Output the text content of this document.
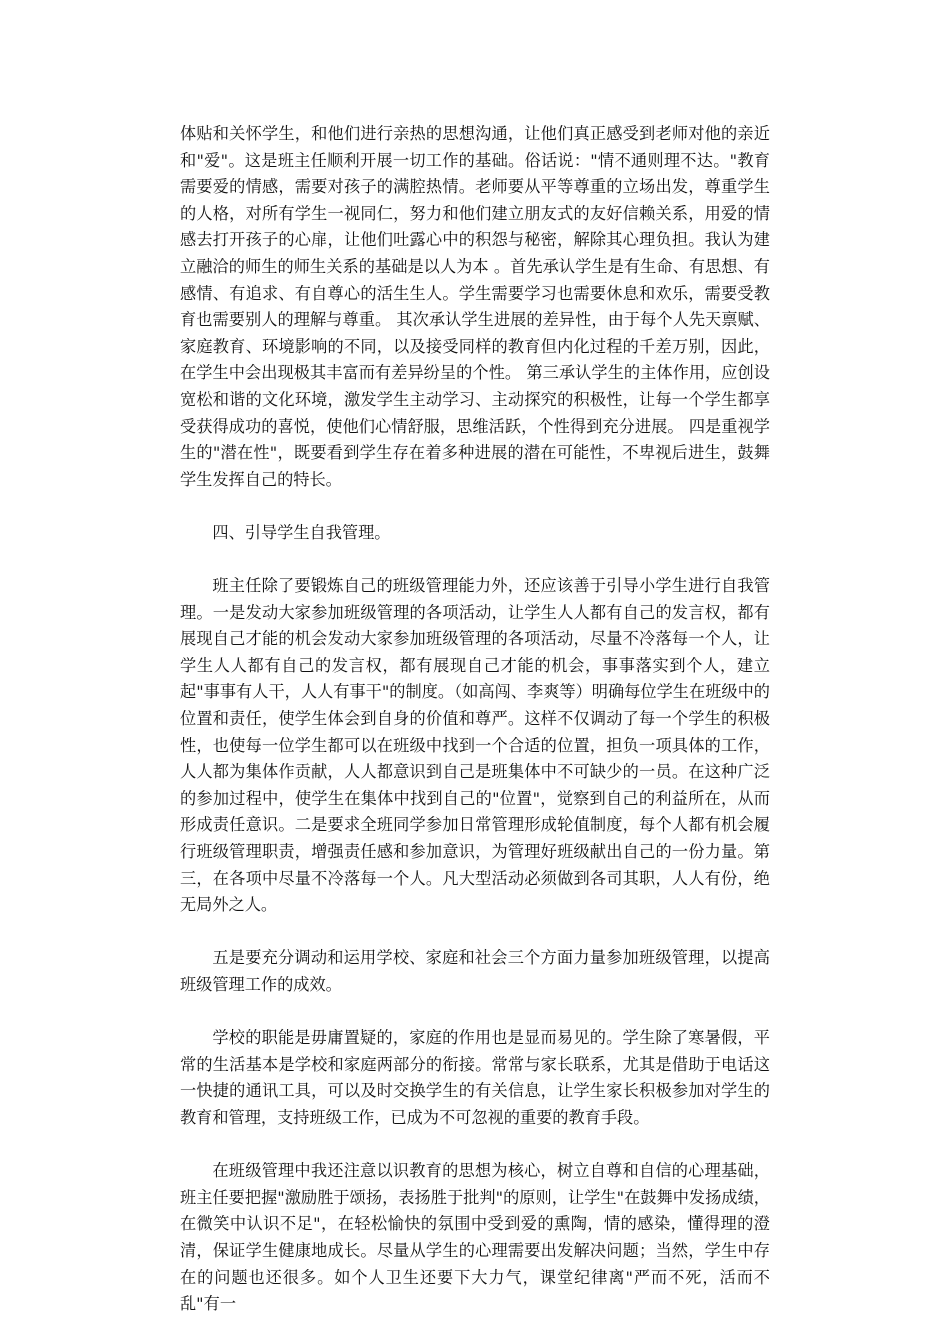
体贴和关怀学生，和他们进行亲热的思想沟通，让他们真正感受到老师对他的亲近和"爱"。这是班主任顺利开展一切工作的基础。俗话说："情不通则理不达。"教育需要爱的情感，需要对孩子的满腔热情。老师要从平等尊重的立场出发，尊重学生的人格，对所有学生一视同仁，努力和他们建立朋友式的友好信赖关系，用爱的情感去打开孩子的心扉，让他们吐露心中的积怨与秘密，解除其心理负担。我认为建立融洽的师生的师生关系的基础是以人为本 。首先承认学生是有生命、有思想、有感情、有追求、有自尊心的活生生人。学生需要学习也需要休息和欢乐，需要受教育也需要别人的理解与尊重。 其次承认学生进展的差异性，由于每个人先天禀赋、家庭教育、环境影响的不同，以及接受同样的教育但内化过程的千差万别，因此，在学生中会出现极其丰富而有差异纷呈的个性。 第三承认学生的主体作用，应创设宽松和谐的文化环境，激发学生主动学习、主动探究的积极性，让每一个学生都享受获得成功的喜悦，使他们心情舒服，思维活跃，个性得到充分进展。 四是重视学生的"潜在性"，既要看到学生存在着多种进展的潜在可能性，不卑视后进生，鼓舞学生发挥自己的特长。

四、引导学生自我管理。

班主任除了要锻炼自己的班级管理能力外，还应该善于引导小学生进行自我管理。一是发动大家参加班级管理的各项活动，让学生人人都有自己的发言权，都有展现自己才能的机会发动大家参加班级管理的各项活动，尽量不冷落每一个人，让学生人人都有自己的发言权，都有展现自己才能的机会，事事落实到个人，建立起"事事有人干，人人有事干"的制度。（如高闯、李爽等）明确每位学生在班级中的位置和责任，使学生体会到自身的价值和尊严。这样不仅调动了每一个学生的积极性，也使每一位学生都可以在班级中找到一个合适的位置，担负一项具体的工作，人人都为集体作贡献，人人都意识到自己是班集体中不可缺少的一员。在这种广泛的参加过程中，使学生在集体中找到自己的"位置"，觉察到自己的利益所在，从而形成责任意识。二是要求全班同学参加日常管理形成轮值制度，每个人都有机会履行班级管理职责，增强责任感和参加意识，为管理好班级献出自己的一份力量。第三，在各项中尽量不冷落每一个人。凡大型活动必须做到各司其职，人人有份，绝无局外之人。

五是要充分调动和运用学校、家庭和社会三个方面力量参加班级管理，以提高班级管理工作的成效。

学校的职能是毋庸置疑的，家庭的作用也是显而易见的。学生除了寒暑假，平常的生活基本是学校和家庭两部分的衔接。常常与家长联系，尤其是借助于电话这一快捷的通讯工具，可以及时交换学生的有关信息，让学生家长积极参加对学生的教育和管理，支持班级工作，已成为不可忽视的重要的教育手段。

在班级管理中我还注意以识教育的思想为核心，树立自尊和自信的心理基础，班主任要把握"激励胜于颂扬，表扬胜于批判"的原则，让学生"在鼓舞中发扬成绩，在微笑中认识不足"，在轻松愉快的氛围中受到爱的熏陶，情的感染，懂得理的澄清，保证学生健康地成长。尽量从学生的心理需要出发解决问题；当然，学生中存在的问题也还很多。如个人卫生还要下大力气，课堂纪律离"严而不死，活而不乱"有一
